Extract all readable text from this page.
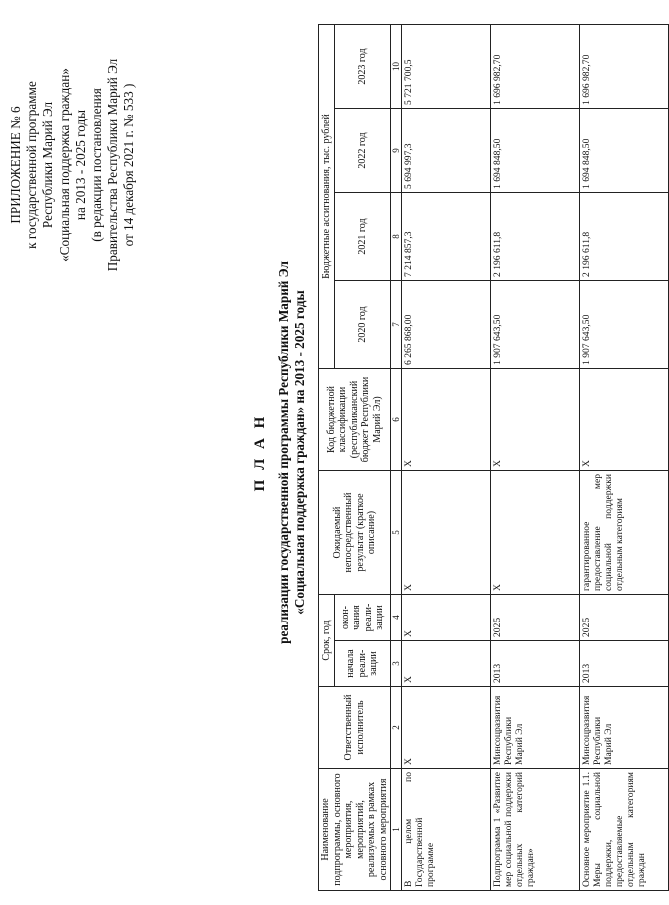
ПРИЛОЖЕНИЕ № 6 к государственной программе Республики Марий Эл «Социальная поддержка граждан» на 2013 - 2025 годы (в редакции постановления Правительства Республики Марий Эл от 14 декабря 2021 г. № 533 )
П Л А Н реализации государственной программы Республики Марий Эл «Социальная поддержка граждан» на 2013 - 2025 годы
Наименование подпрограммы, основного мероприятия, мероприятий, реализуемых в рамках основного мероприятия	Ответственный исполнитель	Срок, год		Ожидаемый непосредственный результат (краткое описание)	Код бюджетной классификации (республиканский бюджет Республики Марий Эл)	Бюджетные ассигнования, тыс. рублей			
		начала реали-зации	окон-чания реали-зации			2020 год	2021 год	2022 год	2023 год
1	2	3	4	5	6	7	8	9	10
В целом по Государственной программе	Х	Х	Х	Х	Х	6 265 868,00	7 214 857,3	5 694 997,3	5 721 700,5
Подпрограмма 1 «Развитие мер социальной поддержки отдельных категорий граждан»	Минсоцразвития Республики Марий Эл	2013	2025	Х	Х	1 907 643,50	2 196 611,8	1 694 848,50	1 696 982,70
Основное мероприятие 1.1. Меры социальной поддержки, предоставляемые отдельным категориям граждан	Минсоцразвития Республики Марий Эл	2013	2025	гарантированное предоставление мер социальной поддержки отдельным категориям	Х	1 907 643,50	2 196 611,8	1 694 848,50	1 696 982,70
